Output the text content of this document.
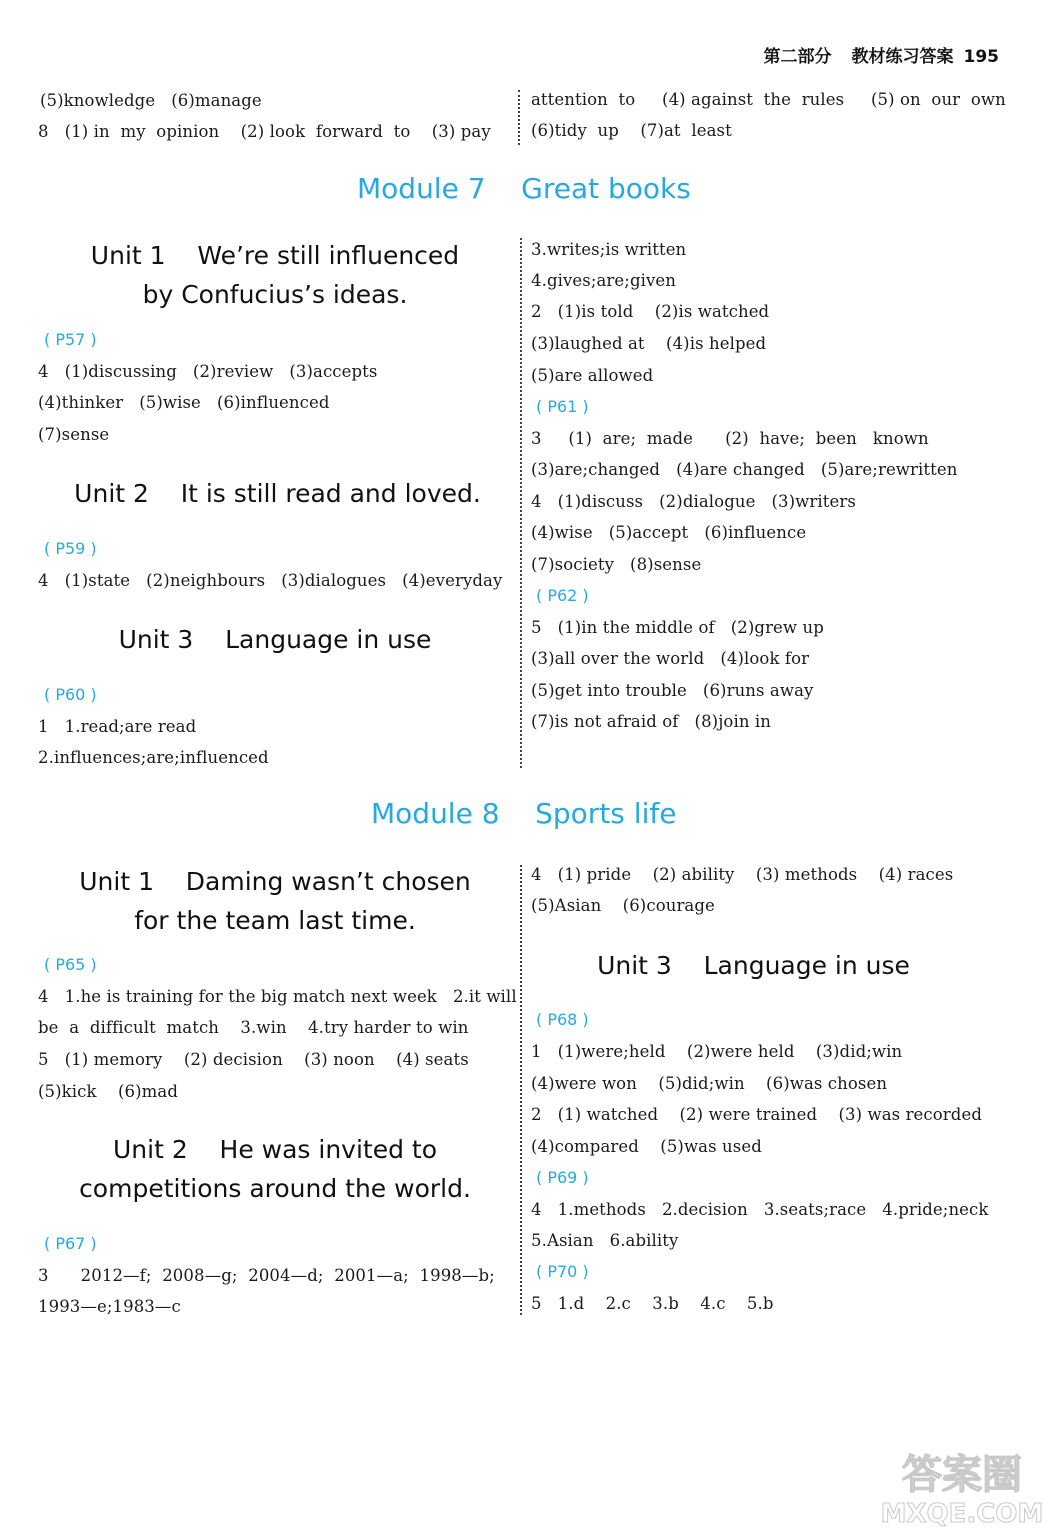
第二部分 教材练习答案 195
(5)knowledge   (6)manage
8   (1) in  my  opinion    (2) look  forward  to    (3) pay
attention  to     (4) against  the  rules     (5) on  our  own
(6)tidy  up    (7)at  least
Module 7    Great books
Unit 1    We’re still influenced
by Confucius’s ideas.
( P57 )
4   (1)discussing   (2)review   (3)accepts
(4)thinker   (5)wise   (6)influenced
(7)sense
Unit 2    It is still read and loved.
( P59 )
4   (1)state   (2)neighbours   (3)dialogues   (4)everyday
Unit 3    Language in use
( P60 )
1   1.read;are read
2.influences;are;influenced
3.writes;is written
4.gives;are;given
2   (1)is told    (2)is watched
(3)laughed at    (4)is helped
(5)are allowed
( P61 )
3     (1)  are;  made      (2)  have;  been   known
(3)are;changed   (4)are changed   (5)are;rewritten
4   (1)discuss   (2)dialogue   (3)writers
(4)wise   (5)accept   (6)influence
(7)society   (8)sense
( P62 )
5   (1)in the middle of   (2)grew up
(3)all over the world   (4)look for
(5)get into trouble   (6)runs away
(7)is not afraid of   (8)join in
Module 8    Sports life
Unit 1    Daming wasn’t chosen
for the team last time.
( P65 )
4   1.he is training for the big match next week   2.it will
be  a  difficult  match    3.win    4.try harder to win
5   (1) memory    (2) decision    (3) noon    (4) seats
(5)kick    (6)mad
Unit 2    He was invited to
competitions around the world.
( P67 )
3      2012—f;  2008—g;  2004—d;  2001—a;  1998—b;
1993—e;1983—c
4   (1) pride    (2) ability    (3) methods    (4) races
(5)Asian    (6)courage
Unit 3    Language in use
( P68 )
1   (1)were;held    (2)were held    (3)did;win
(4)were won    (5)did;win    (6)was chosen
2   (1) watched    (2) were trained    (3) was recorded
(4)compared    (5)was used
( P69 )
4   1.methods   2.decision   3.seats;race   4.pride;neck
5.Asian   6.ability
( P70 )
5   1.d    2.c    3.b    4.c    5.b
答案圈
MXQE.COM
